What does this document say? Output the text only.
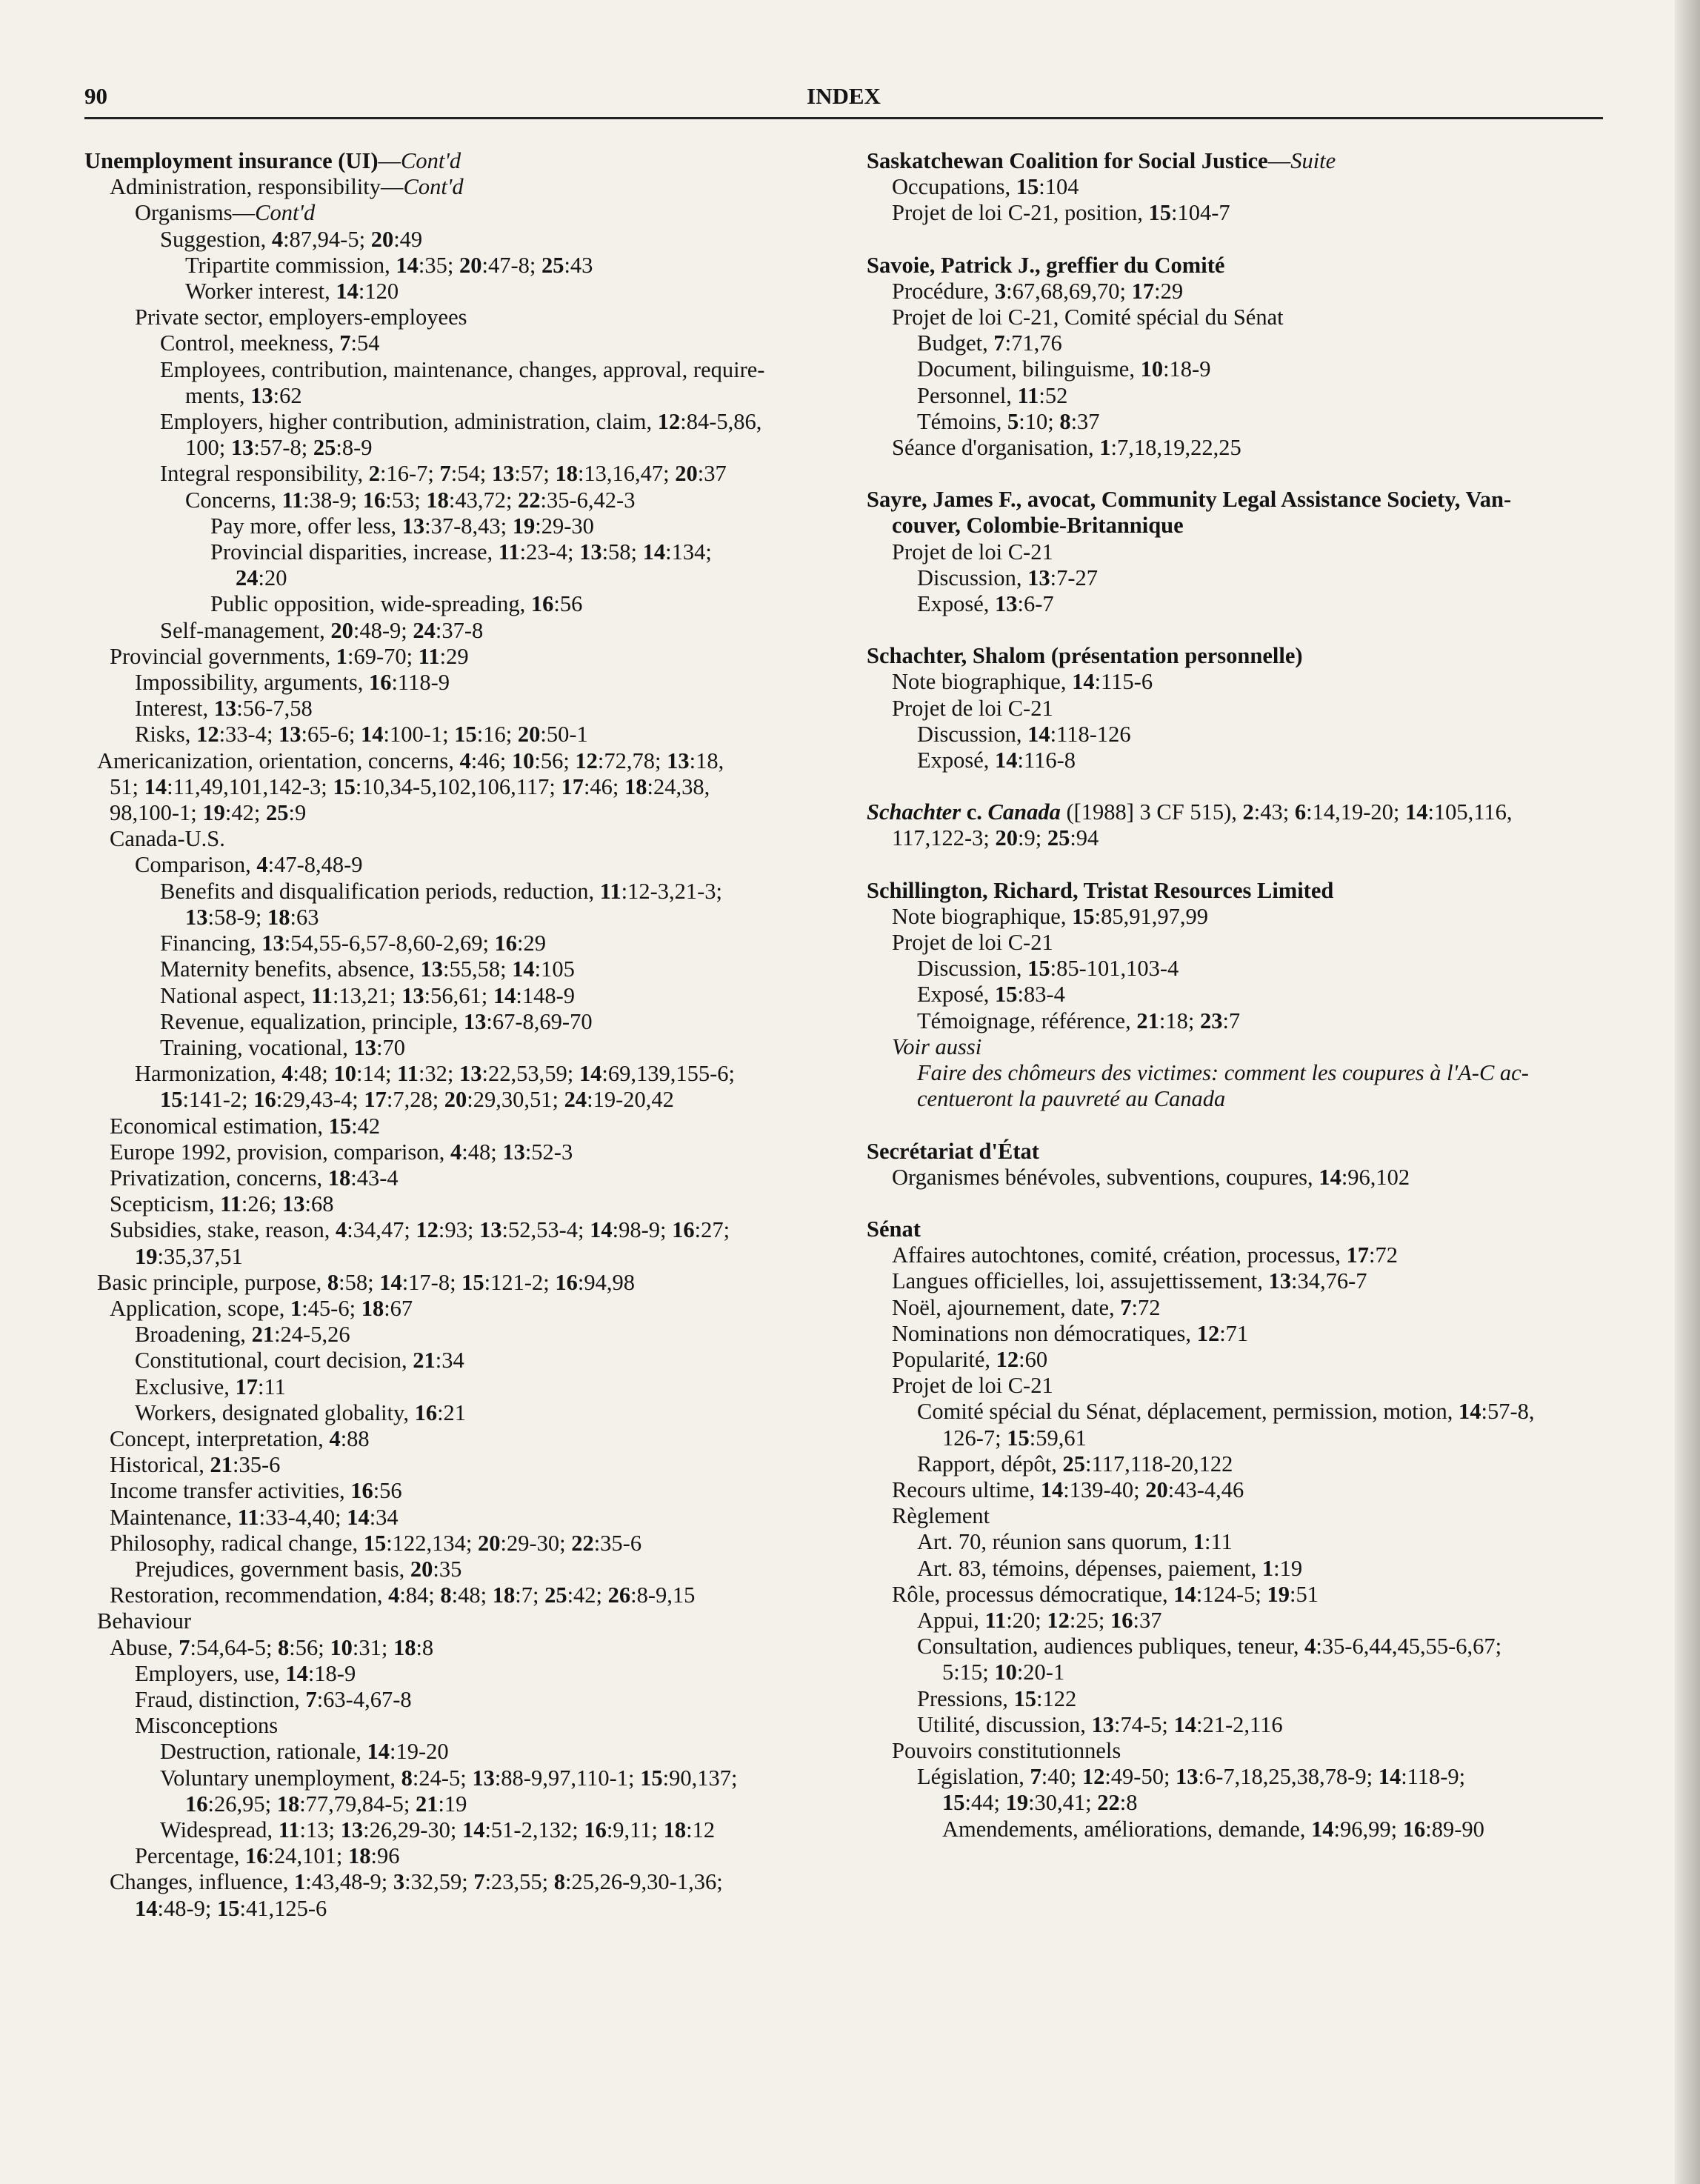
90	INDEX
Unemployment insurance (UI)—Cont'd
Administration, responsibility—Cont'd
Organisms—Cont'd
Suggestion, 4:87,94-5; 20:49
Tripartite commission, 14:35; 20:47-8; 25:43
Worker interest, 14:120
Private sector, employers-employees
Control, meekness, 7:54
Employees, contribution, maintenance, changes, approval, require-
ments, 13:62
Employers, higher contribution, administration, claim, 12:84-5,86,
100; 13:57-8; 25:8-9
Integral responsibility, 2:16-7; 7:54; 13:57; 18:13,16,47; 20:37
Concerns, 11:38-9; 16:53; 18:43,72; 22:35-6,42-3
Pay more, offer less, 13:37-8,43; 19:29-30
Provincial disparities, increase, 11:23-4; 13:58; 14:134;
24:20
Public opposition, wide-spreading, 16:56
Self-management, 20:48-9; 24:37-8
Provincial governments, 1:69-70; 11:29
Impossibility, arguments, 16:118-9
Interest, 13:56-7,58
Risks, 12:33-4; 13:65-6; 14:100-1; 15:16; 20:50-1
Americanization, orientation, concerns, 4:46; 10:56; 12:72,78; 13:18,
51; 14:11,49,101,142-3; 15:10,34-5,102,106,117; 17:46; 18:24,38,
98,100-1; 19:42; 25:9
Canada-U.S.
Comparison, 4:47-8,48-9
Benefits and disqualification periods, reduction, 11:12-3,21-3;
13:58-9; 18:63
Financing, 13:54,55-6,57-8,60-2,69; 16:29
Maternity benefits, absence, 13:55,58; 14:105
National aspect, 11:13,21; 13:56,61; 14:148-9
Revenue, equalization, principle, 13:67-8,69-70
Training, vocational, 13:70
Harmonization, 4:48; 10:14; 11:32; 13:22,53,59; 14:69,139,155-6;
15:141-2; 16:29,43-4; 17:7,28; 20:29,30,51; 24:19-20,42
Economical estimation, 15:42
Europe 1992, provision, comparison, 4:48; 13:52-3
Privatization, concerns, 18:43-4
Scepticism, 11:26; 13:68
Subsidies, stake, reason, 4:34,47; 12:93; 13:52,53-4; 14:98-9; 16:27;
19:35,37,51
Basic principle, purpose, 8:58; 14:17-8; 15:121-2; 16:94,98
Application, scope, 1:45-6; 18:67
Broadening, 21:24-5,26
Constitutional, court decision, 21:34
Exclusive, 17:11
Workers, designated globality, 16:21
Concept, interpretation, 4:88
Historical, 21:35-6
Income transfer activities, 16:56
Maintenance, 11:33-4,40; 14:34
Philosophy, radical change, 15:122,134; 20:29-30; 22:35-6
Prejudices, government basis, 20:35
Restoration, recommendation, 4:84; 8:48; 18:7; 25:42; 26:8-9,15
Behaviour
Abuse, 7:54,64-5; 8:56; 10:31; 18:8
Employers, use, 14:18-9
Fraud, distinction, 7:63-4,67-8
Misconceptions
Destruction, rationale, 14:19-20
Voluntary unemployment, 8:24-5; 13:88-9,97,110-1; 15:90,137;
16:26,95; 18:77,79,84-5; 21:19
Widespread, 11:13; 13:26,29-30; 14:51-2,132; 16:9,11; 18:12
Percentage, 16:24,101; 18:96
Changes, influence, 1:43,48-9; 3:32,59; 7:23,55; 8:25,26-9,30-1,36;
14:48-9; 15:41,125-6
Saskatchewan Coalition for Social Justice—Suite
Occupations, 15:104
Projet de loi C-21, position, 15:104-7
Savoie, Patrick J., greffier du Comité
Procédure, 3:67,68,69,70; 17:29
Projet de loi C-21, Comité spécial du Sénat
Budget, 7:71,76
Document, bilinguisme, 10:18-9
Personnel, 11:52
Témoins, 5:10; 8:37
Séance d'organisation, 1:7,18,19,22,25
Sayre, James F., avocat, Community Legal Assistance Society, Van-
couver, Colombie-Britannique
Projet de loi C-21
Discussion, 13:7-27
Exposé, 13:6-7
Schachter, Shalom (présentation personnelle)
Note biographique, 14:115-6
Projet de loi C-21
Discussion, 14:118-126
Exposé, 14:116-8
Schachter c. Canada ([1988] 3 CF 515), 2:43; 6:14,19-20; 14:105,116,
117,122-3; 20:9; 25:94
Schillington, Richard, Tristat Resources Limited
Note biographique, 15:85,91,97,99
Projet de loi C-21
Discussion, 15:85-101,103-4
Exposé, 15:83-4
Témoignage, référence, 21:18; 23:7
Voir aussi
Faire des chômeurs des victimes: comment les coupures à l'A-C ac-
centueront la pauvreté au Canada
Secrétariat d'État
Organismes bénévoles, subventions, coupures, 14:96,102
Sénat
Affaires autochtones, comité, création, processus, 17:72
Langues officielles, loi, assujettissement, 13:34,76-7
Noël, ajournement, date, 7:72
Nominations non démocratiques, 12:71
Popularité, 12:60
Projet de loi C-21
Comité spécial du Sénat, déplacement, permission, motion, 14:57-8,
126-7; 15:59,61
Rapport, dépôt, 25:117,118-20,122
Recours ultime, 14:139-40; 20:43-4,46
Règlement
Art. 70, réunion sans quorum, 1:11
Art. 83, témoins, dépenses, paiement, 1:19
Rôle, processus démocratique, 14:124-5; 19:51
Appui, 11:20; 12:25; 16:37
Consultation, audiences publiques, teneur, 4:35-6,44,45,55-6,67;
5:15; 10:20-1
Pressions, 15:122
Utilité, discussion, 13:74-5; 14:21-2,116
Pouvoirs constitutionnels
Législation, 7:40; 12:49-50; 13:6-7,18,25,38,78-9; 14:118-9;
15:44; 19:30,41; 22:8
Amendements, améliorations, demande, 14:96,99; 16:89-90
